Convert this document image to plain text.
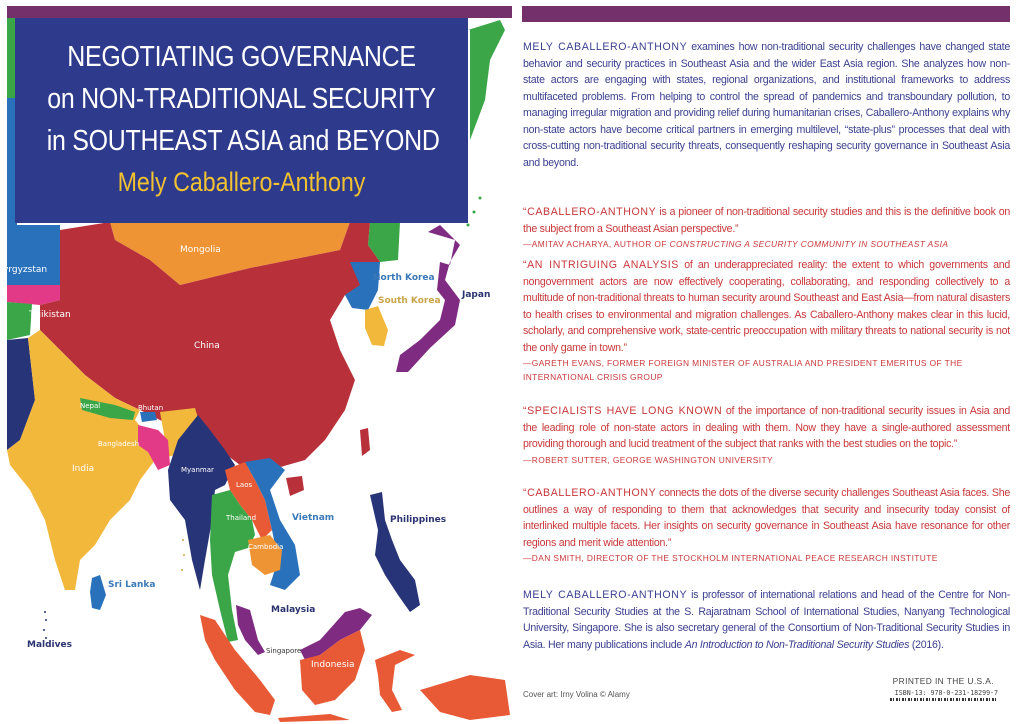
NEGOTIATING GOVERNANCE
on NON-TRADITIONAL SECURITY
in SOUTHEAST ASIA and BEYOND
Mely Caballero-Anthony
Mongolia
yrgyzstan
Tajikistan
China
North Korea
South Korea
Japan
Nepal	Bhutan
Bangladesh
India	Myanmar
Laos
Thailand	Vietnam
Cambodia
Philippines
Sri Lanka
Malaysia
Maldives
Singapore
Indonesia
MELY CABALLERO-ANTHONY examines how non-traditional security challenges have changed state behavior and security practices in Southeast Asia and the wider East Asia region. She analyzes how non-state actors are engaging with states, regional organizations, and institutional frameworks to address multifaceted problems. From helping to control the spread of pandemics and transboundary pollution, to managing irregular migration and providing relief during humanitarian crises, Caballero-Anthony explains why non-state actors have become critical partners in emerging multilevel, “state-plus” processes that deal with cross-cutting non-traditional security threats, consequently reshaping security governance in Southeast Asia and beyond.
“CABALLERO-ANTHONY is a pioneer of non-traditional security studies and this is the definitive book on the subject from a Southeast Asian perspective.”
—AMITAV ACHARYA, AUTHOR OF CONSTRUCTING A SECURITY COMMUNITY IN SOUTHEAST ASIA
“AN INTRIGUING ANALYSIS of an underappreciated reality: the extent to which governments and nongovernment actors are now effectively cooperating, collaborating, and responding collectively to a multitude of non-traditional threats to human security around Southeast and East Asia—from natural disasters to health crises to environmental and migration challenges. As Caballero-Anthony makes clear in this lucid, scholarly, and comprehensive work, state-centric preoccupation with military threats to national security is not the only game in town.”
—GARETH EVANS, FORMER FOREIGN MINISTER OF AUSTRALIA AND PRESIDENT EMERITUS OF THE INTERNATIONAL CRISIS GROUP
“SPECIALISTS HAVE LONG KNOWN of the importance of non-traditional security issues in Asia and the leading role of non-state actors in dealing with them. Now they have a single-authored assessment providing thorough and lucid treatment of the subject that ranks with the best studies on the topic.”
—ROBERT SUTTER, GEORGE WASHINGTON UNIVERSITY
“CABALLERO-ANTHONY connects the dots of the diverse security challenges Southeast Asia faces. She outlines a way of responding to them that acknowledges that security and insecurity today consist of interlinked multiple facets. Her insights on security governance in Southeast Asia have resonance for other regions and merit wide attention.”
—DAN SMITH, DIRECTOR OF THE STOCKHOLM INTERNATIONAL PEACE RESEARCH INSTITUTE
MELY CABALLERO-ANTHONY is professor of international relations and head of the Centre for Non-Traditional Security Studies at the S. Rajaratnam School of International Studies, Nanyang Technological University, Singapore. She is also secretary general of the Consortium of Non-Traditional Security Studies in Asia. Her many publications include An Introduction to Non-Traditional Security Studies (2016).
Cover art: Irny Volina © Alamy
PRINTED IN THE U.S.A.
ISBN-13: 978-0-231-18299-7
